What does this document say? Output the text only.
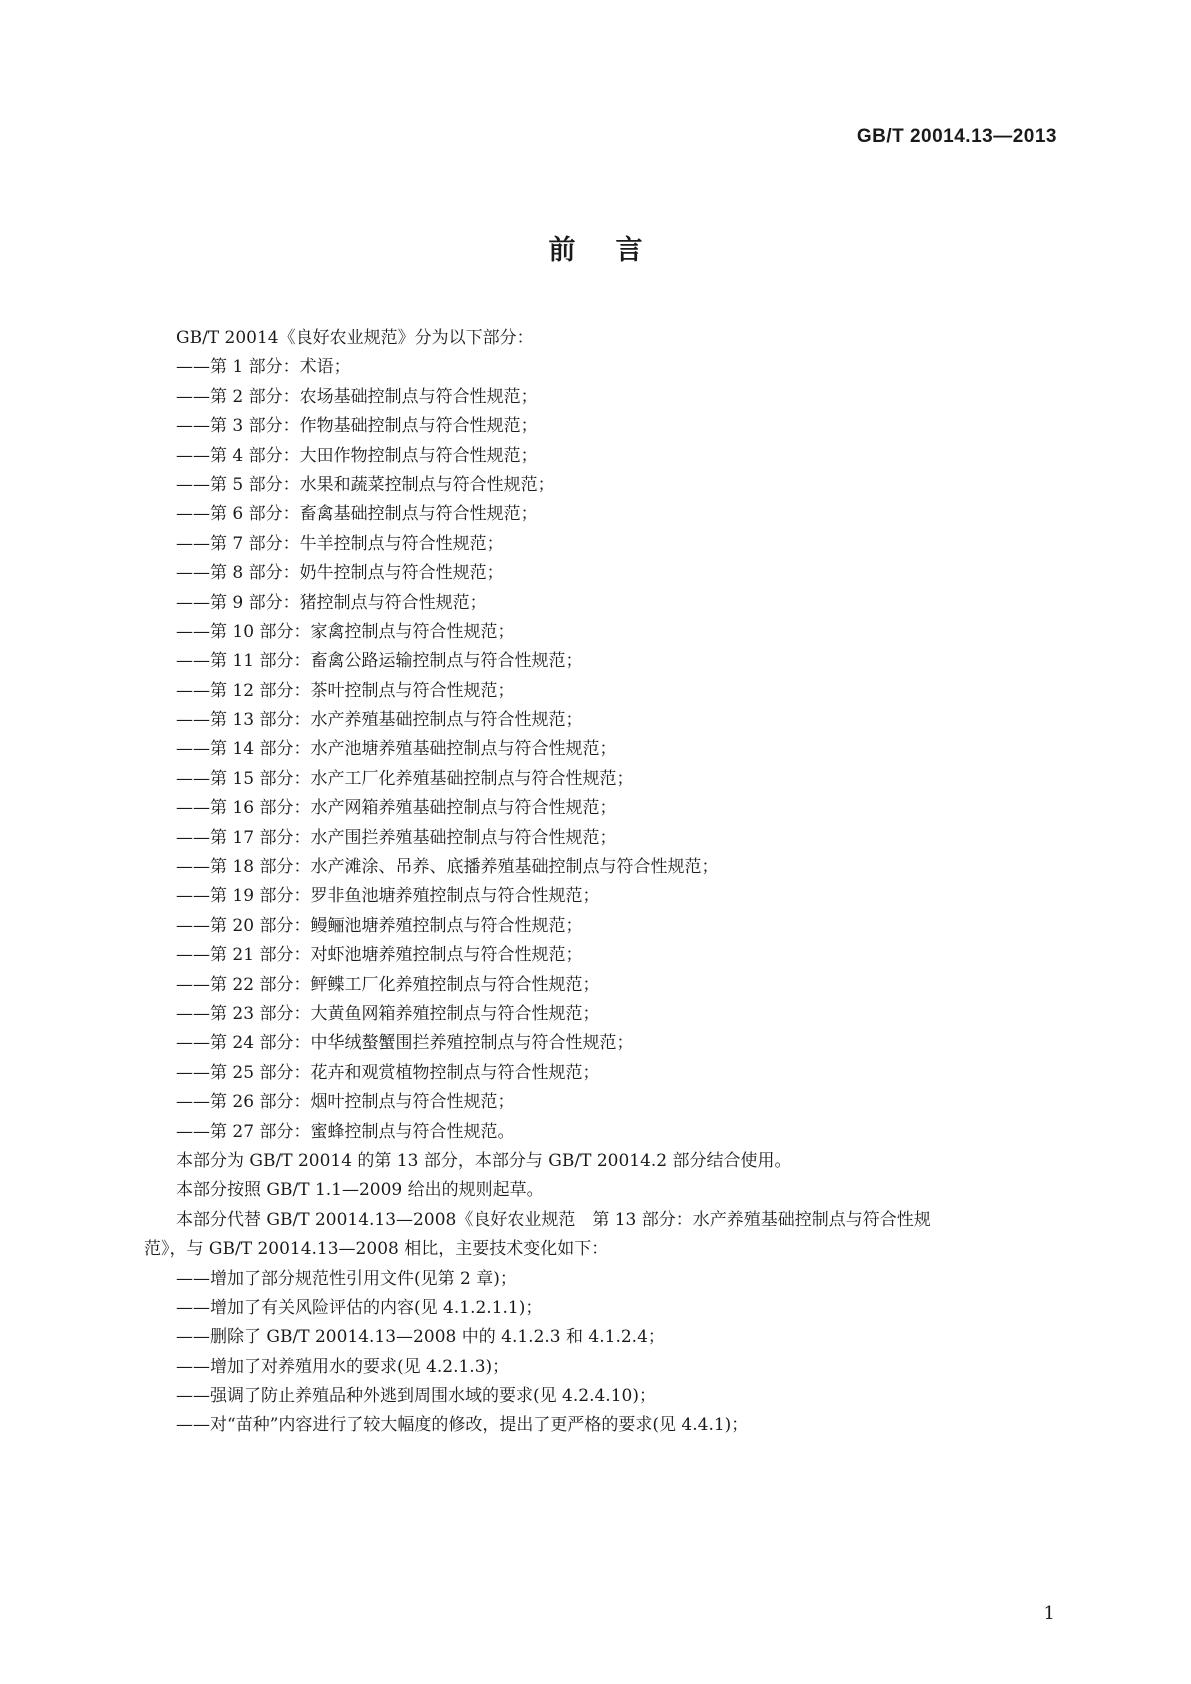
GB/T 20014.13—2013
前言
GB/T 20014《良好农业规范》分为以下部分：
——第 1 部分：术语；
——第 2 部分：农场基础控制点与符合性规范；
——第 3 部分：作物基础控制点与符合性规范；
——第 4 部分：大田作物控制点与符合性规范；
——第 5 部分：水果和蔬菜控制点与符合性规范；
——第 6 部分：畜禽基础控制点与符合性规范；
——第 7 部分：牛羊控制点与符合性规范；
——第 8 部分：奶牛控制点与符合性规范；
——第 9 部分：猪控制点与符合性规范；
——第 10 部分：家禽控制点与符合性规范；
——第 11 部分：畜禽公路运输控制点与符合性规范；
——第 12 部分：茶叶控制点与符合性规范；
——第 13 部分：水产养殖基础控制点与符合性规范；
——第 14 部分：水产池塘养殖基础控制点与符合性规范；
——第 15 部分：水产工厂化养殖基础控制点与符合性规范；
——第 16 部分：水产网箱养殖基础控制点与符合性规范；
——第 17 部分：水产围拦养殖基础控制点与符合性规范；
——第 18 部分：水产滩涂、吊养、底播养殖基础控制点与符合性规范；
——第 19 部分：罗非鱼池塘养殖控制点与符合性规范；
——第 20 部分：鳗鲡池塘养殖控制点与符合性规范；
——第 21 部分：对虾池塘养殖控制点与符合性规范；
——第 22 部分：鲆鲽工厂化养殖控制点与符合性规范；
——第 23 部分：大黄鱼网箱养殖控制点与符合性规范；
——第 24 部分：中华绒螯蟹围拦养殖控制点与符合性规范；
——第 25 部分：花卉和观赏植物控制点与符合性规范；
——第 26 部分：烟叶控制点与符合性规范；
——第 27 部分：蜜蜂控制点与符合性规范。
本部分为 GB/T 20014 的第 13 部分，本部分与 GB/T 20014.2 部分结合使用。
本部分按照 GB/T 1.1—2009 给出的规则起草。
本部分代替 GB/T 20014.13—2008《良好农业规范　第 13 部分：水产养殖基础控制点与符合性规
范》，与 GB/T 20014.13—2008 相比，主要技术变化如下：
——增加了部分规范性引用文件(见第 2 章)；
——增加了有关风险评估的内容(见 4.1.2.1.1)；
——删除了 GB/T 20014.13—2008 中的 4.1.2.3 和 4.1.2.4；
——增加了对养殖用水的要求(见 4.2.1.3)；
——强调了防止养殖品种外逃到周围水域的要求(见 4.2.4.10)；
——对“苗种”内容进行了较大幅度的修改，提出了更严格的要求(见 4.4.1)；
1
